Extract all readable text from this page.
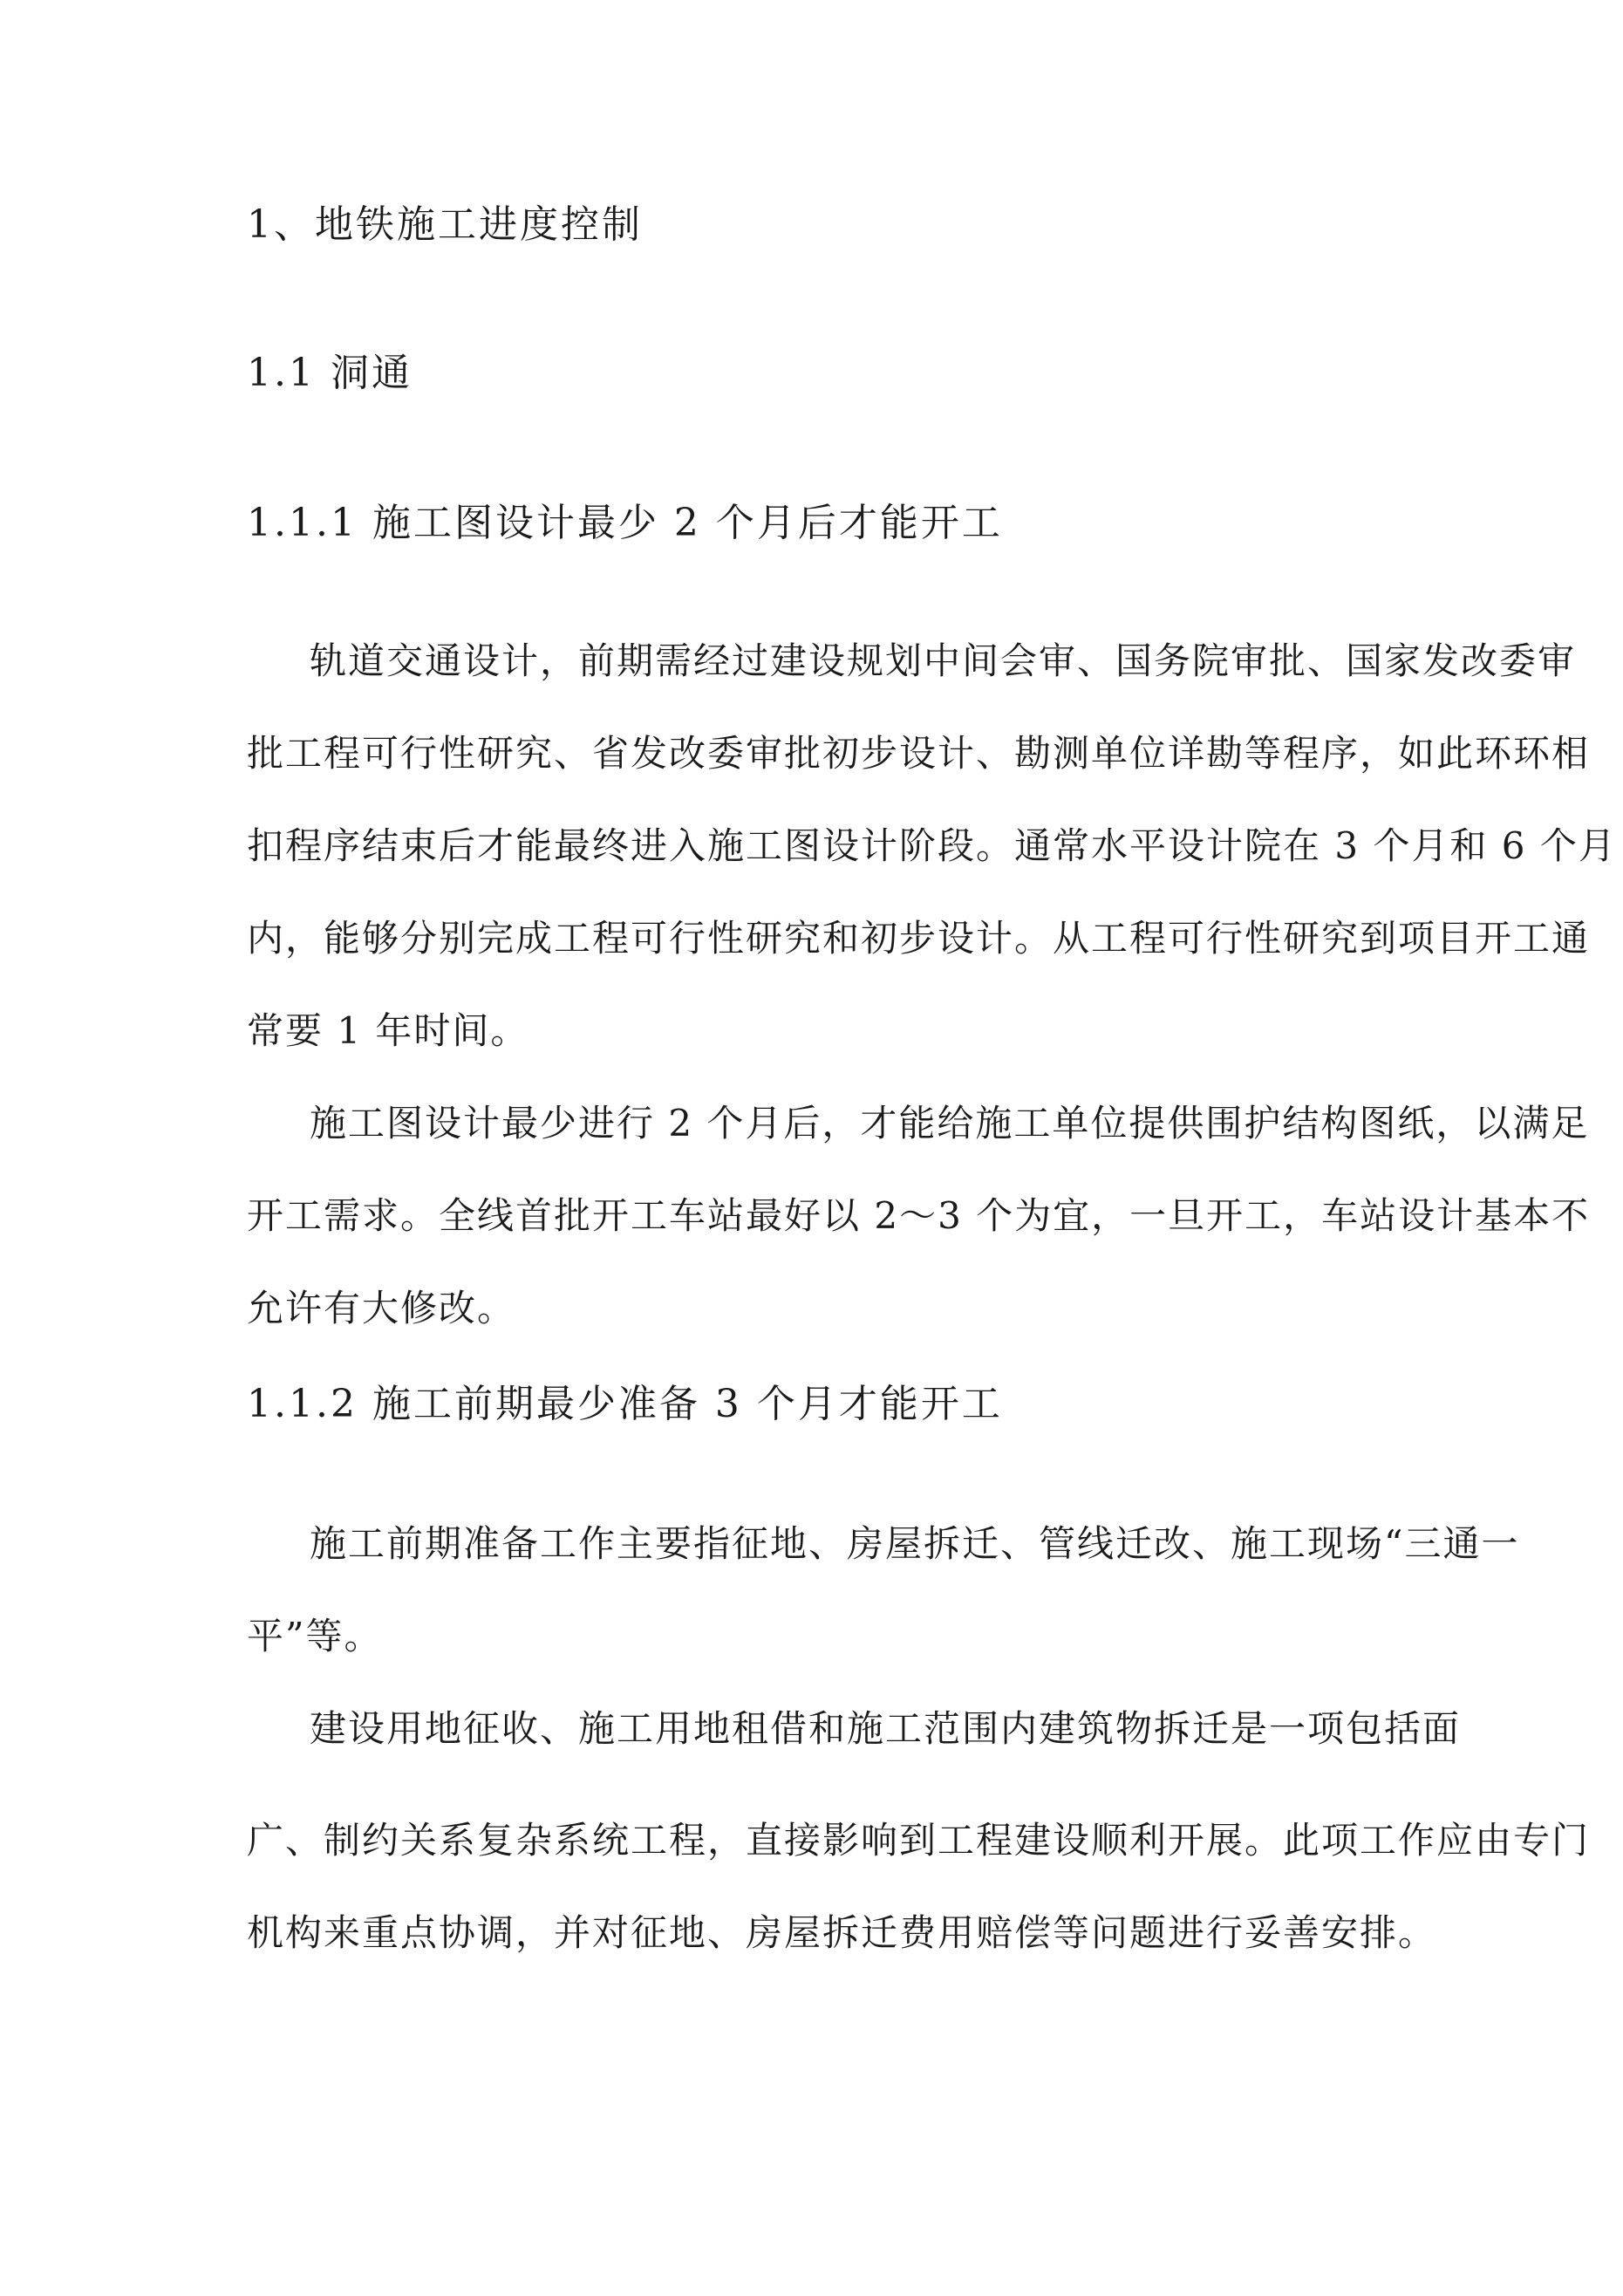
1、地铁施工进度控制

1.1 洞通

1.1.1 施工图设计最少 2 个月后才能开工

轨道交通设计，前期需经过建设规划中间会审、国务院审批、国家发改委审

批工程可行性研究、省发改委审批初步设计、勘测单位详勘等程序，如此环环相

扣程序结束后才能最终进入施工图设计阶段。通常水平设计院在 3 个月和 6 个月

内，能够分别完成工程可行性研究和初步设计。从工程可行性研究到项目开工通

常要 1 年时间。

施工图设计最少进行 2 个月后，才能给施工单位提供围护结构图纸，以满足

开工需求。全线首批开工车站最好以 2～3 个为宜，一旦开工，车站设计基本不

允许有大修改。

1.1.2 施工前期最少准备 3 个月才能开工

施工前期准备工作主要指征地、房屋拆迁、管线迁改、施工现场“三通一

平”等。

建设用地征收、施工用地租借和施工范围内建筑物拆迁是一项包括面

广、制约关系复杂系统工程，直接影响到工程建设顺利开展。此项工作应由专门

机构来重点协调，并对征地、房屋拆迁费用赔偿等问题进行妥善安排。
